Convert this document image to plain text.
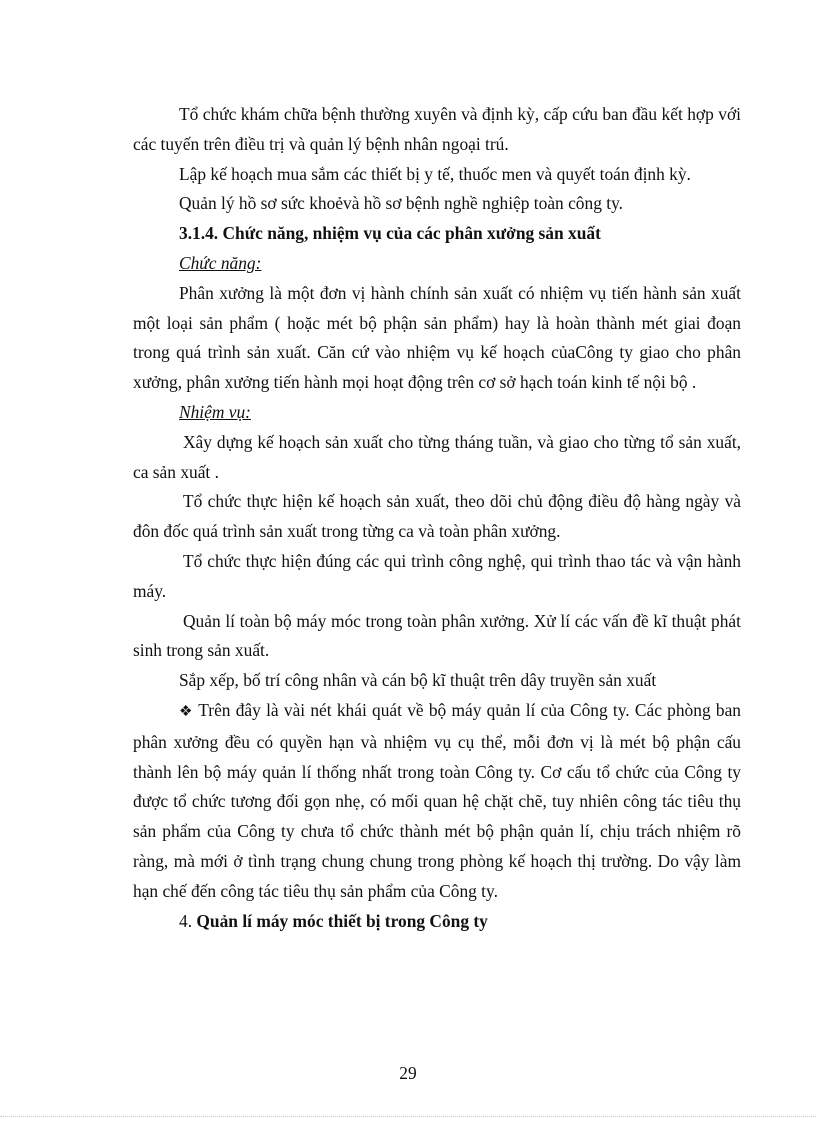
Tổ chức khám chữa bệnh thường xuyên và định kỳ, cấp cứu ban đầu kết hợp với các tuyến trên điều trị và quản lý bệnh nhân ngoại trú.

Lập kế hoạch mua sắm các thiết bị y tế, thuốc men và quyết toán định kỳ.

Quản lý hồ sơ sức khoẻvà hồ sơ bệnh nghề nghiệp toàn công ty.

3.1.4. Chức năng, nhiệm vụ của các phân xưởng sản xuất

Chức năng:

Phân xưởng là một đơn vị hành chính sản xuất có nhiệm vụ tiến hành sản xuất một loại sản phẩm ( hoặc mét bộ phận sản phẩm) hay là hoàn thành mét giai đoạn trong quá trình sản xuất. Căn cứ vào nhiệm vụ kế hoạch củaCông ty giao cho phân xưởng, phân xưởng tiến hành mọi hoạt động trên cơ sở hạch toán kinh tế nội bộ .

Nhiệm vụ:

Xây dựng kế hoạch sản xuất cho từng tháng tuần, và giao cho từng tổ sản xuất, ca sản xuất .

Tổ chức thực hiện kế hoạch sản xuất, theo dõi chủ động điều độ hàng ngày và đôn đốc quá trình sản xuất trong từng ca và toàn phân xưởng.

Tổ chức thực hiện đúng các qui trình công nghệ, qui trình thao tác và vận hành máy.

Quản lí toàn bộ máy móc trong toàn phân xưởng. Xử lí các vấn đề kĩ thuật phát sinh trong sản xuất.

Sắp xếp, bố trí công nhân và cán bộ kĩ thuật trên dây truyền sản xuất

❖ Trên đây là vài nét khái quát về bộ máy quản lí của Công ty. Các phòng ban phân xưởng đều có quyền hạn và nhiệm vụ cụ thể, mỗi đơn vị là mét bộ phận cấu thành lên bộ máy quản lí thống nhất trong toàn Công ty. Cơ cấu tổ chức của Công ty được tổ chức tương đối gọn nhẹ, có mối quan hệ chặt chẽ, tuy nhiên công tác tiêu thụ sản phẩm của Công ty chưa tổ chức thành mét bộ phận quản lí, chịu trách nhiệm rõ ràng, mà mới ở tình trạng chung chung trong phòng kế hoạch thị trường. Do vậy làm hạn chế đến công tác tiêu thụ sản phẩm của Công ty.

4. Quản lí máy móc thiết bị trong Công ty

29
